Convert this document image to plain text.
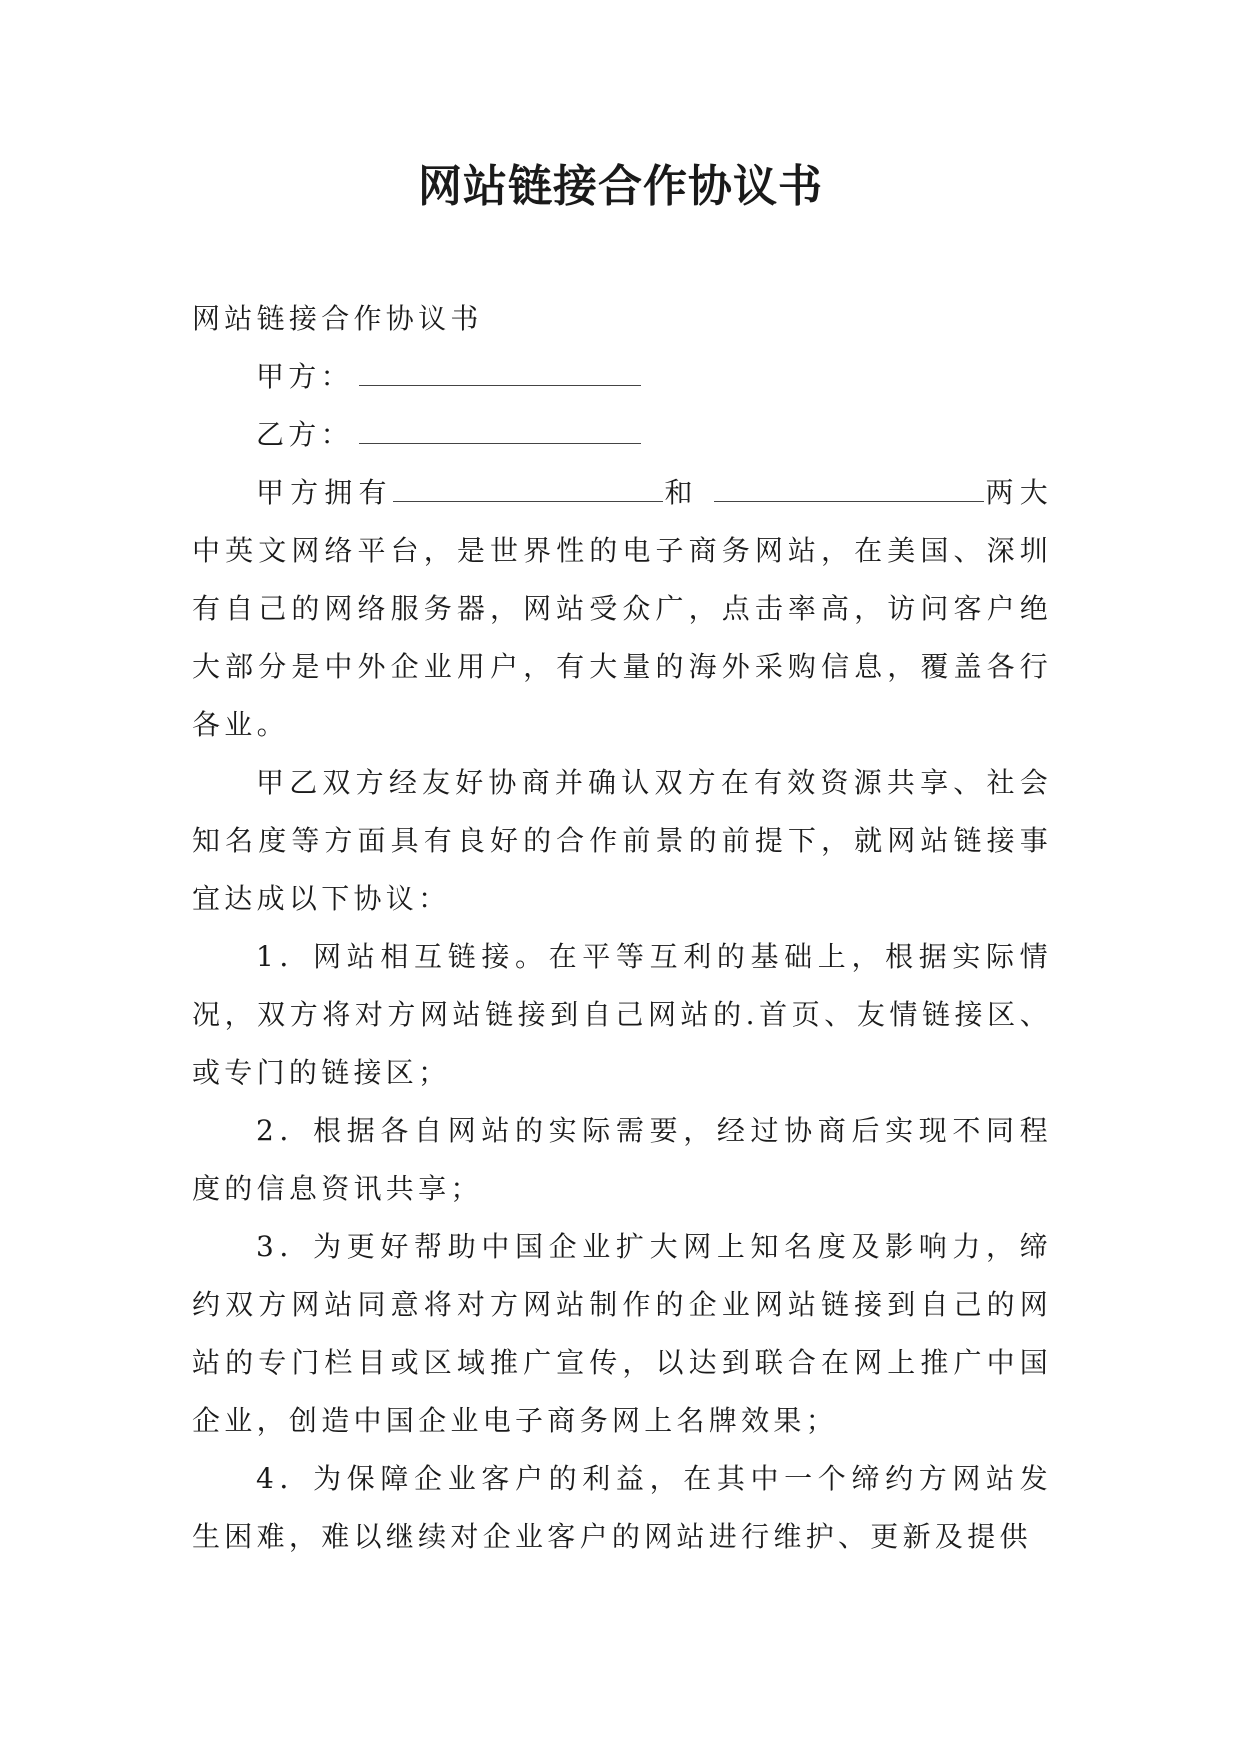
网站链接合作协议书

网站链接合作协议书

甲方：

乙方：

甲方拥有	和	两大中英文网络平台，是世界性的电子商务网站，在美国、深圳有自己的网络服务器，网站受众广，点击率高，访问客户绝大部分是中外企业用户，有大量的海外采购信息，覆盖各行各业。

甲乙双方经友好协商并确认双方在有效资源共享、社会知名度等方面具有良好的合作前景的前提下，就网站链接事宜达成以下协议：

1．网站相互链接。在平等互利的基础上，根据实际情况，双方将对方网站链接到自己网站的.首页、友情链接区、或专门的链接区；

2．根据各自网站的实际需要，经过协商后实现不同程度的信息资讯共享；

3．为更好帮助中国企业扩大网上知名度及影响力，缔约双方网站同意将对方网站制作的企业网站链接到自己的网站的专门栏目或区域推广宣传，以达到联合在网上推广中国企业，创造中国企业电子商务网上名牌效果；

4．为保障企业客户的利益，在其中一个缔约方网站发生困难，难以继续对企业客户的网站进行维护、更新及提供
